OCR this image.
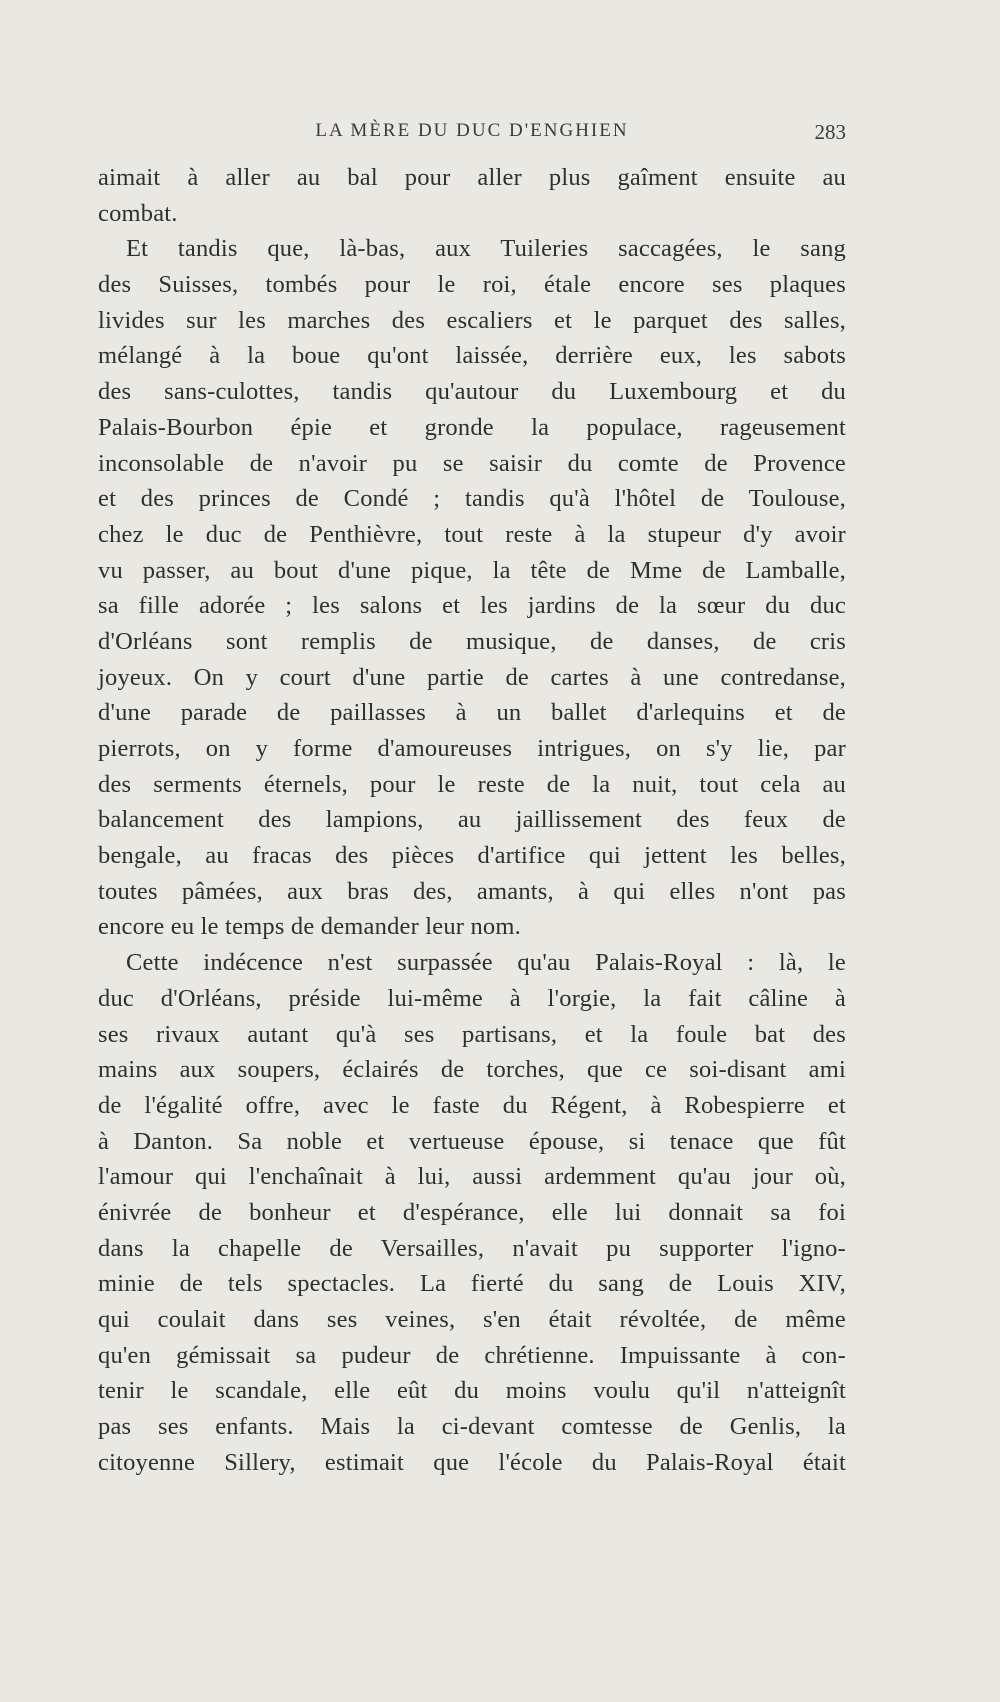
LA MÈRE DU DUC D'ENGHIEN	283
aimait à aller au bal pour aller plus gaîment ensuite au
combat.
Et tandis que, là-bas, aux Tuileries saccagées, le sang
des Suisses, tombés pour le roi, étale encore ses plaques
livides sur les marches des escaliers et le parquet des salles,
mélangé à la boue qu'ont laissée, derrière eux, les sabots
des sans-culottes, tandis qu'autour du Luxembourg et du
Palais-Bourbon épie et gronde la populace, rageusement
inconsolable de n'avoir pu se saisir du comte de Provence
et des princes de Condé ; tandis qu'à l'hôtel de Toulouse,
chez le duc de Penthièvre, tout reste à la stupeur d'y avoir
vu passer, au bout d'une pique, la tête de Mme de Lamballe,
sa fille adorée ; les salons et les jardins de la sœur du duc
d'Orléans sont remplis de musique, de danses, de cris
joyeux. On y court d'une partie de cartes à une contredanse,
d'une parade de paillasses à un ballet d'arlequins et de
pierrots, on y forme d'amoureuses intrigues, on s'y lie, par
des serments éternels, pour le reste de la nuit, tout cela au
balancement des lampions, au jaillissement des feux de
bengale, au fracas des pièces d'artifice qui jettent les belles,
toutes pâmées, aux bras des, amants, à qui elles n'ont pas
encore eu le temps de demander leur nom.
Cette indécence n'est surpassée qu'au Palais-Royal : là, le
duc d'Orléans, préside lui-même à l'orgie, la fait câline à
ses rivaux autant qu'à ses partisans, et la foule bat des
mains aux soupers, éclairés de torches, que ce soi-disant ami
de l'égalité offre, avec le faste du Régent, à Robespierre et
à Danton. Sa noble et vertueuse épouse, si tenace que fût
l'amour qui l'enchaînait à lui, aussi ardemment qu'au jour où,
énivrée de bonheur et d'espérance, elle lui donnait sa foi
dans la chapelle de Versailles, n'avait pu supporter l'igno-
minie de tels spectacles. La fierté du sang de Louis XIV,
qui coulait dans ses veines, s'en était révoltée, de même
qu'en gémissait sa pudeur de chrétienne. Impuissante à con-
tenir le scandale, elle eût du moins voulu qu'il n'atteignît
pas ses enfants. Mais la ci-devant comtesse de Genlis, la
citoyenne Sillery, estimait que l'école du Palais-Royal était
